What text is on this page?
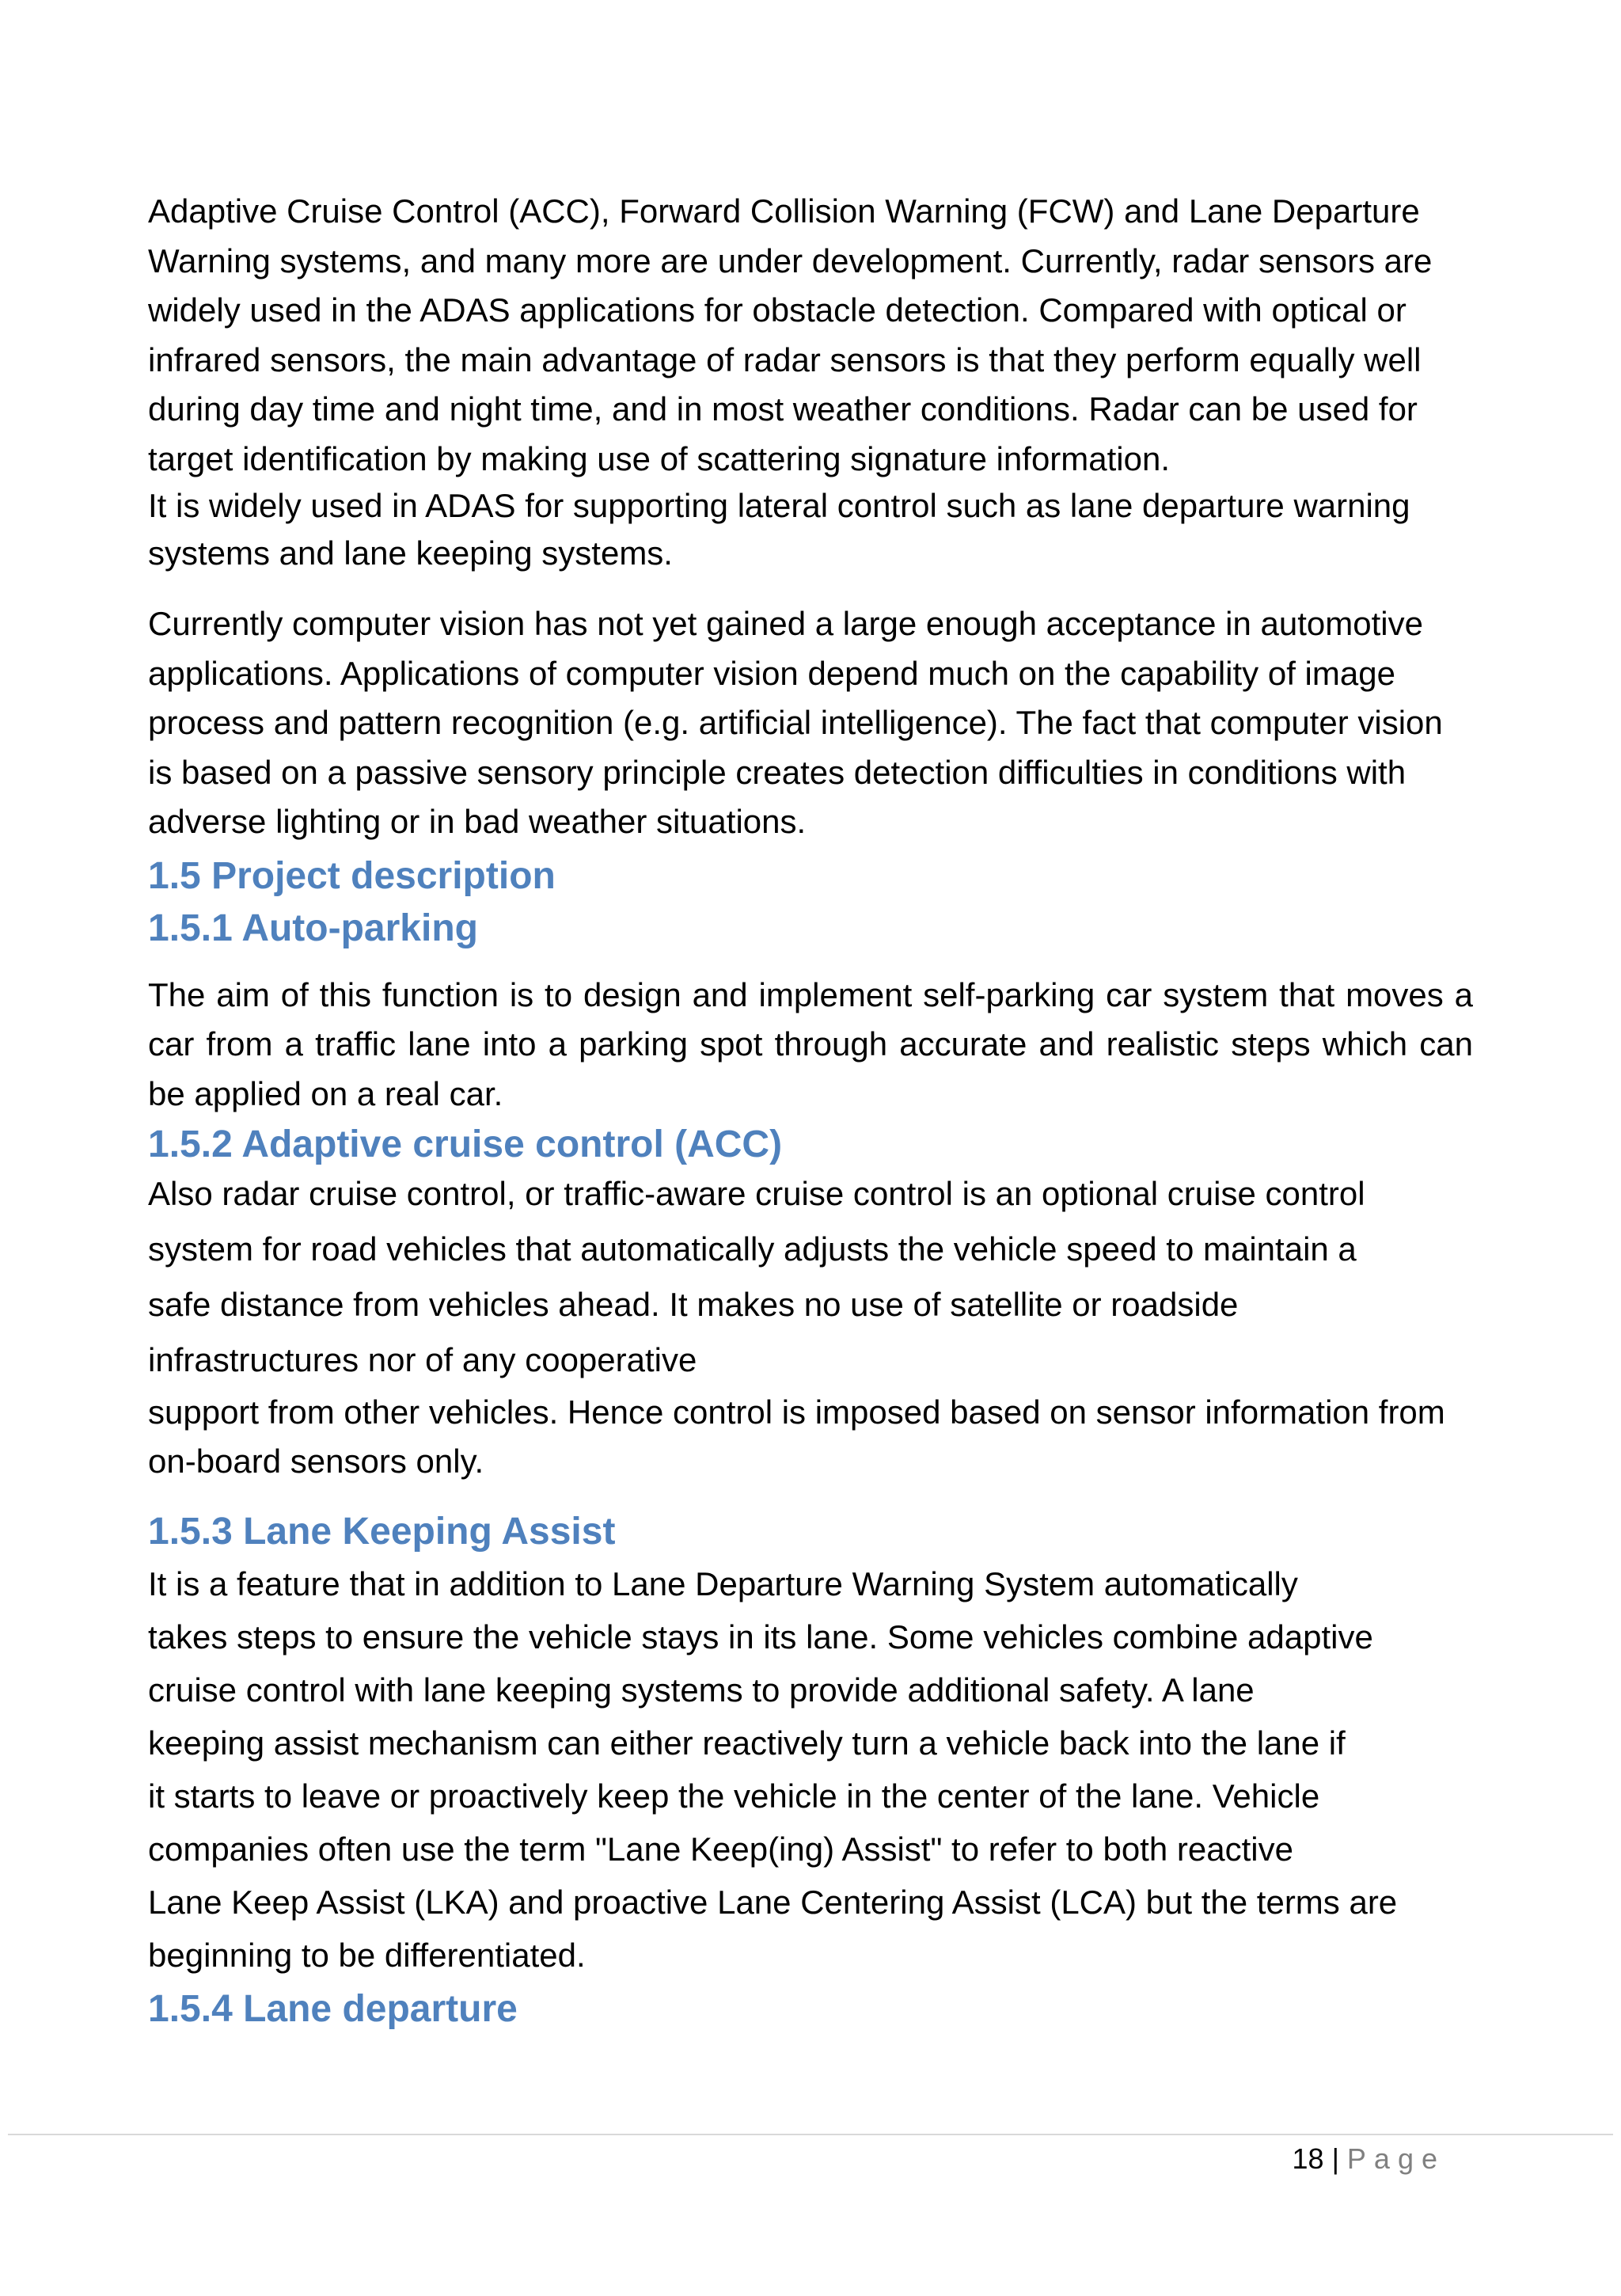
Adaptive Cruise Control (ACC), Forward Collision Warning (FCW) and Lane Departure Warning systems, and many more are under development. Currently, radar sensors are widely used in the ADAS applications for obstacle detection. Compared with optical or infrared sensors, the main advantage of radar sensors is that they perform equally well during day time and night time, and in most weather conditions. Radar can be used for target identification by making use of scattering signature information.

It is widely used in ADAS for supporting lateral control such as lane departure warning systems and lane keeping systems.

Currently computer vision has not yet gained a large enough acceptance in automotive applications. Applications of computer vision depend much on the capability of image process and pattern recognition (e.g. artificial intelligence). The fact that computer vision is based on a passive sensory principle creates detection difficulties in conditions with adverse lighting or in bad weather situations.

1.5 Project description
1.5.1 Auto-parking

The aim of this function is to design and implement self-parking car system that moves a car from a traffic lane into a parking spot through accurate and realistic steps which can be applied on a real car.

1.5.2 Adaptive cruise control (ACC)
Also radar cruise control, or traffic-aware cruise control is an optional cruise control
system for road vehicles that automatically adjusts the vehicle speed to maintain a
safe distance from vehicles ahead. It makes no use of satellite or roadside
infrastructures nor of any cooperative

support from other vehicles. Hence control is imposed based on sensor information from on-board sensors only.

1.5.3 Lane Keeping Assist
It is a feature that in addition to Lane Departure Warning System automatically
takes steps to ensure the vehicle stays in its lane. Some vehicles combine adaptive
cruise control with lane keeping systems to provide additional safety. A lane
keeping assist mechanism can either reactively turn a vehicle back into the lane if
it starts to leave or proactively keep the vehicle in the center of the lane. Vehicle
companies often use the term "Lane Keep(ing) Assist" to refer to both reactive
Lane Keep Assist (LKA) and proactive Lane Centering Assist (LCA) but the terms are
beginning to be differentiated.
1.5.4 Lane departure
18 | Page
